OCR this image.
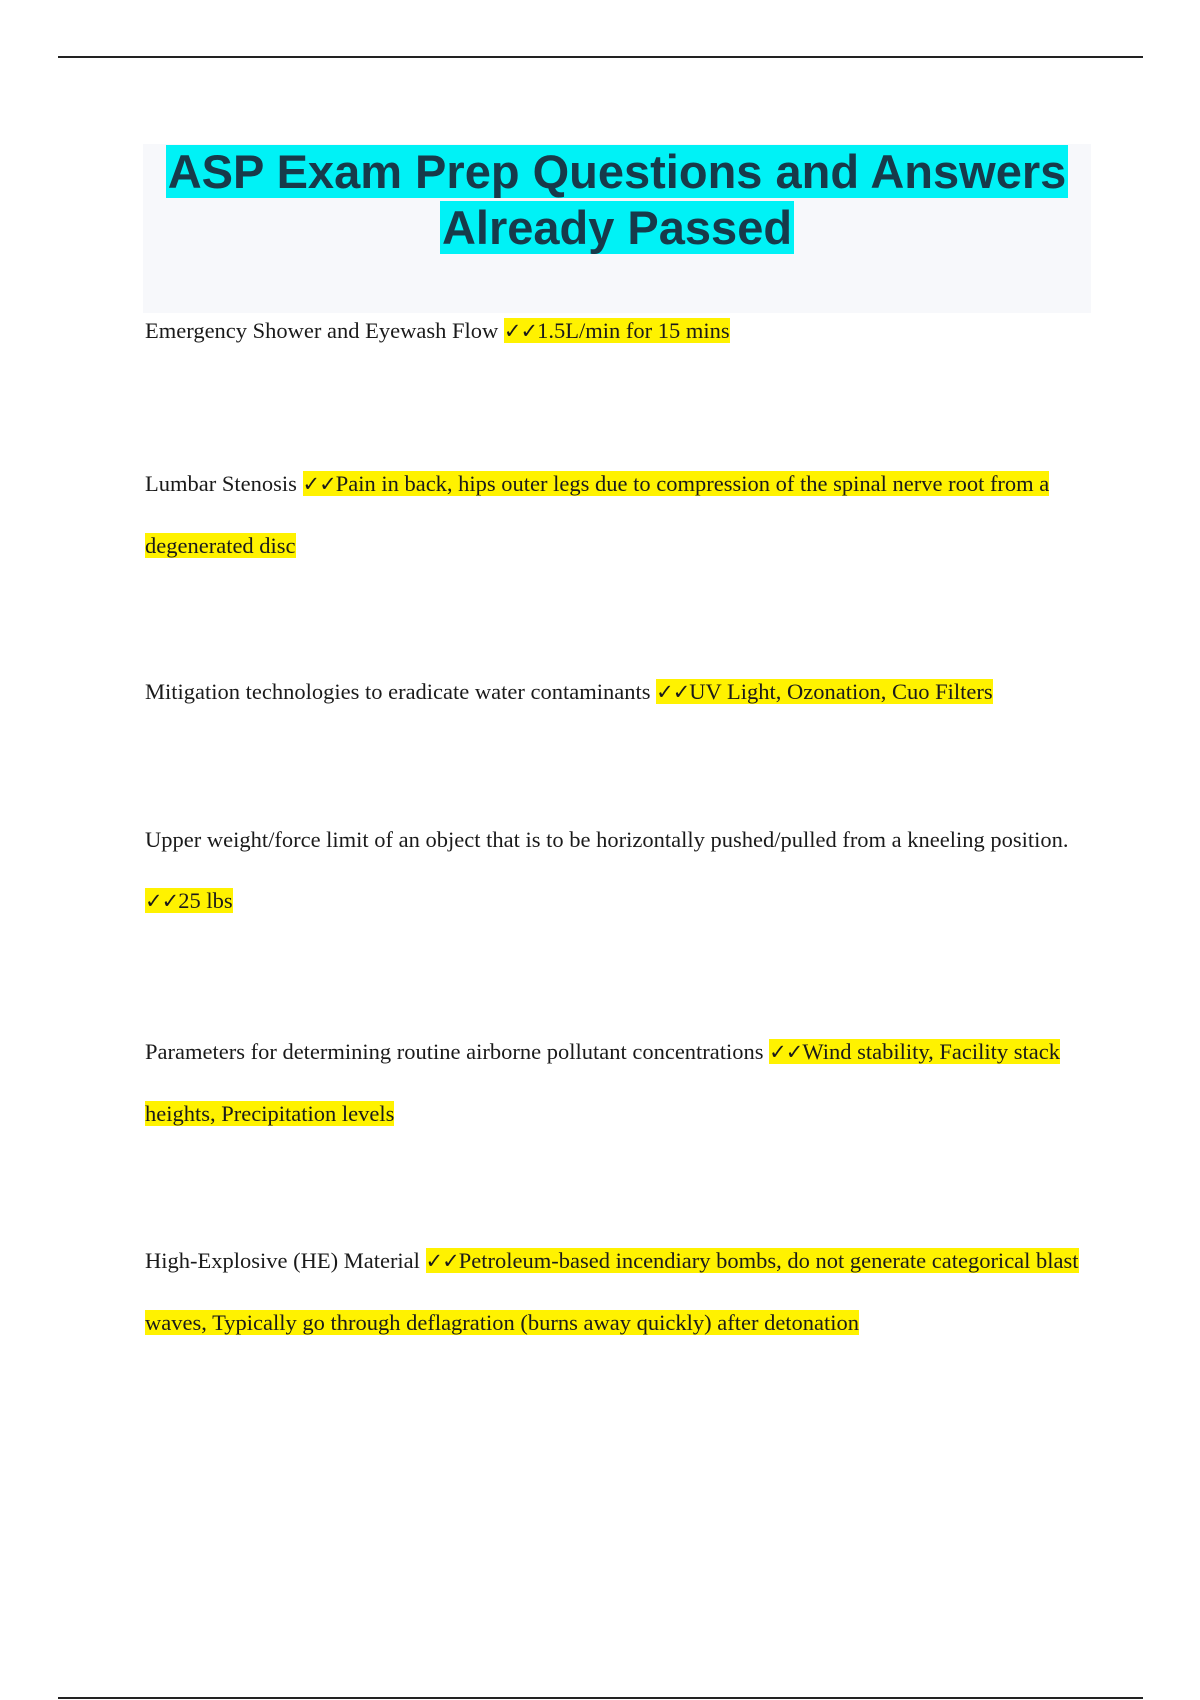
ASP Exam Prep Questions and Answers
Already Passed

Emergency Shower and Eyewash Flow ✓✓1.5L/min for 15 mins

Lumbar Stenosis ✓✓Pain in back, hips outer legs due to compression of the spinal nerve root from a degenerated disc

Mitigation technologies to eradicate water contaminants ✓✓UV Light, Ozonation, Cuo Filters

Upper weight/force limit of an object that is to be horizontally pushed/pulled from a kneeling position. ✓✓25 lbs

Parameters for determining routine airborne pollutant concentrations ✓✓Wind stability, Facility stack heights, Precipitation levels

High-Explosive (HE) Material ✓✓Petroleum-based incendiary bombs, do not generate categorical blast waves, Typically go through deflagration (burns away quickly) after detonation
